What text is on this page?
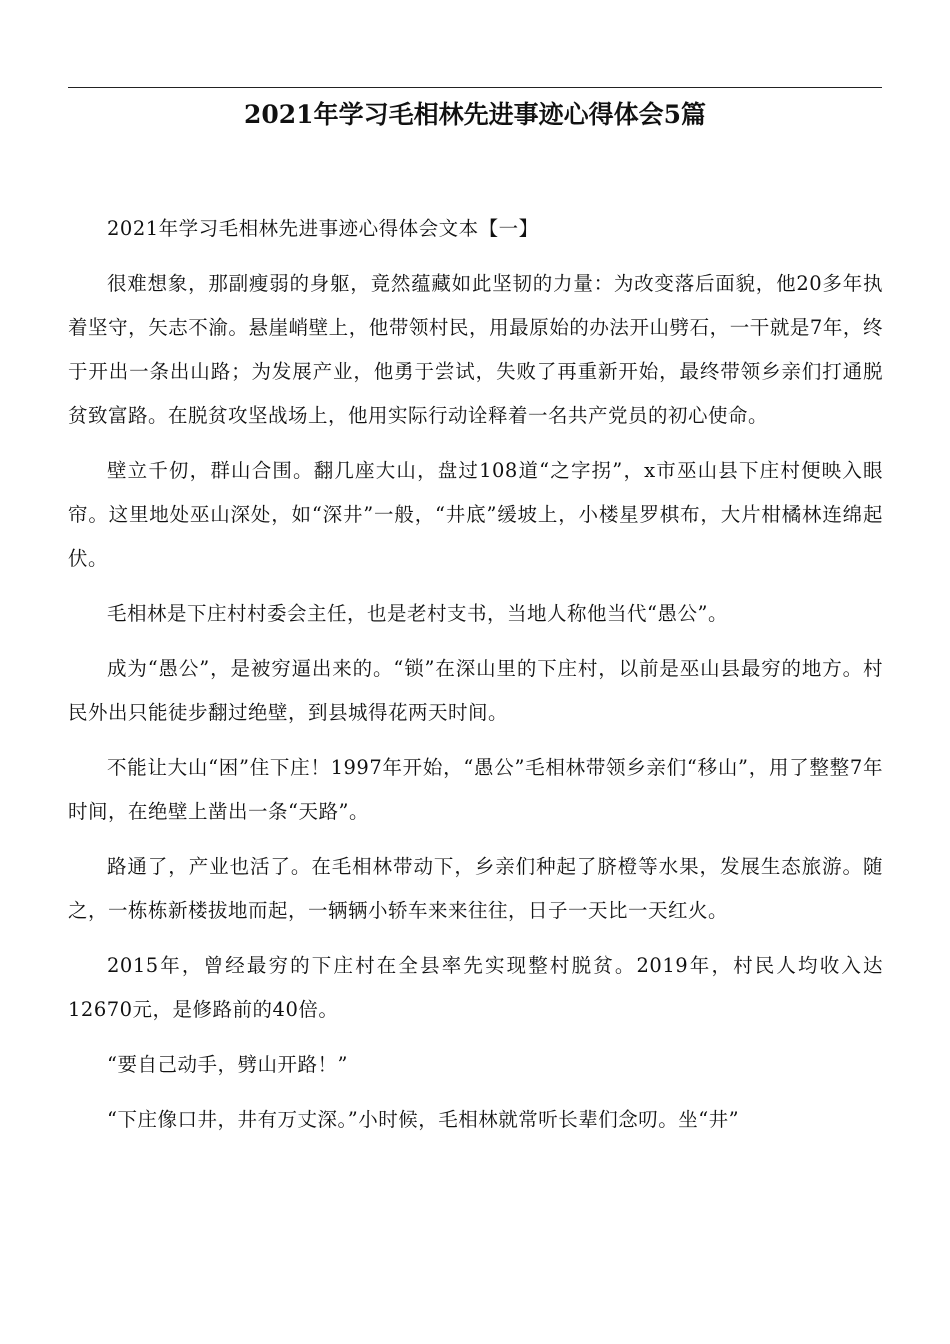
2021年学习毛相林先进事迹心得体会5篇

2021年学习毛相林先进事迹心得体会文本【一】

很难想象，那副瘦弱的身躯，竟然蕴藏如此坚韧的力量：为改变落后面貌，他20多年执着坚守，矢志不渝。悬崖峭壁上，他带领村民，用最原始的办法开山劈石，一干就是7年，终于开出一条出山路；为发展产业，他勇于尝试，失败了再重新开始，最终带领乡亲们打通脱贫致富路。在脱贫攻坚战场上，他用实际行动诠释着一名共产党员的初心使命。

壁立千仞，群山合围。翻几座大山，盘过108道“之字拐”，x市巫山县下庄村便映入眼帘。这里地处巫山深处，如“深井”一般，“井底”缓坡上，小楼星罗棋布，大片柑橘林连绵起伏。

毛相林是下庄村村委会主任，也是老村支书，当地人称他当代“愚公”。

成为“愚公”，是被穷逼出来的。“锁”在深山里的下庄村，以前是巫山县最穷的地方。村民外出只能徒步翻过绝壁，到县城得花两天时间。

不能让大山“困”住下庄！1997年开始，“愚公”毛相林带领乡亲们“移山”，用了整整7年时间，在绝壁上凿出一条“天路”。

路通了，产业也活了。在毛相林带动下，乡亲们种起了脐橙等水果，发展生态旅游。随之，一栋栋新楼拔地而起，一辆辆小轿车来来往往，日子一天比一天红火。

2015年，曾经最穷的下庄村在全县率先实现整村脱贫。2019年，村民人均收入达12670元，是修路前的40倍。

“要自己动手，劈山开路！”

“下庄像口井，井有万丈深。”小时候，毛相林就常听长辈们念叨。坐“井”
